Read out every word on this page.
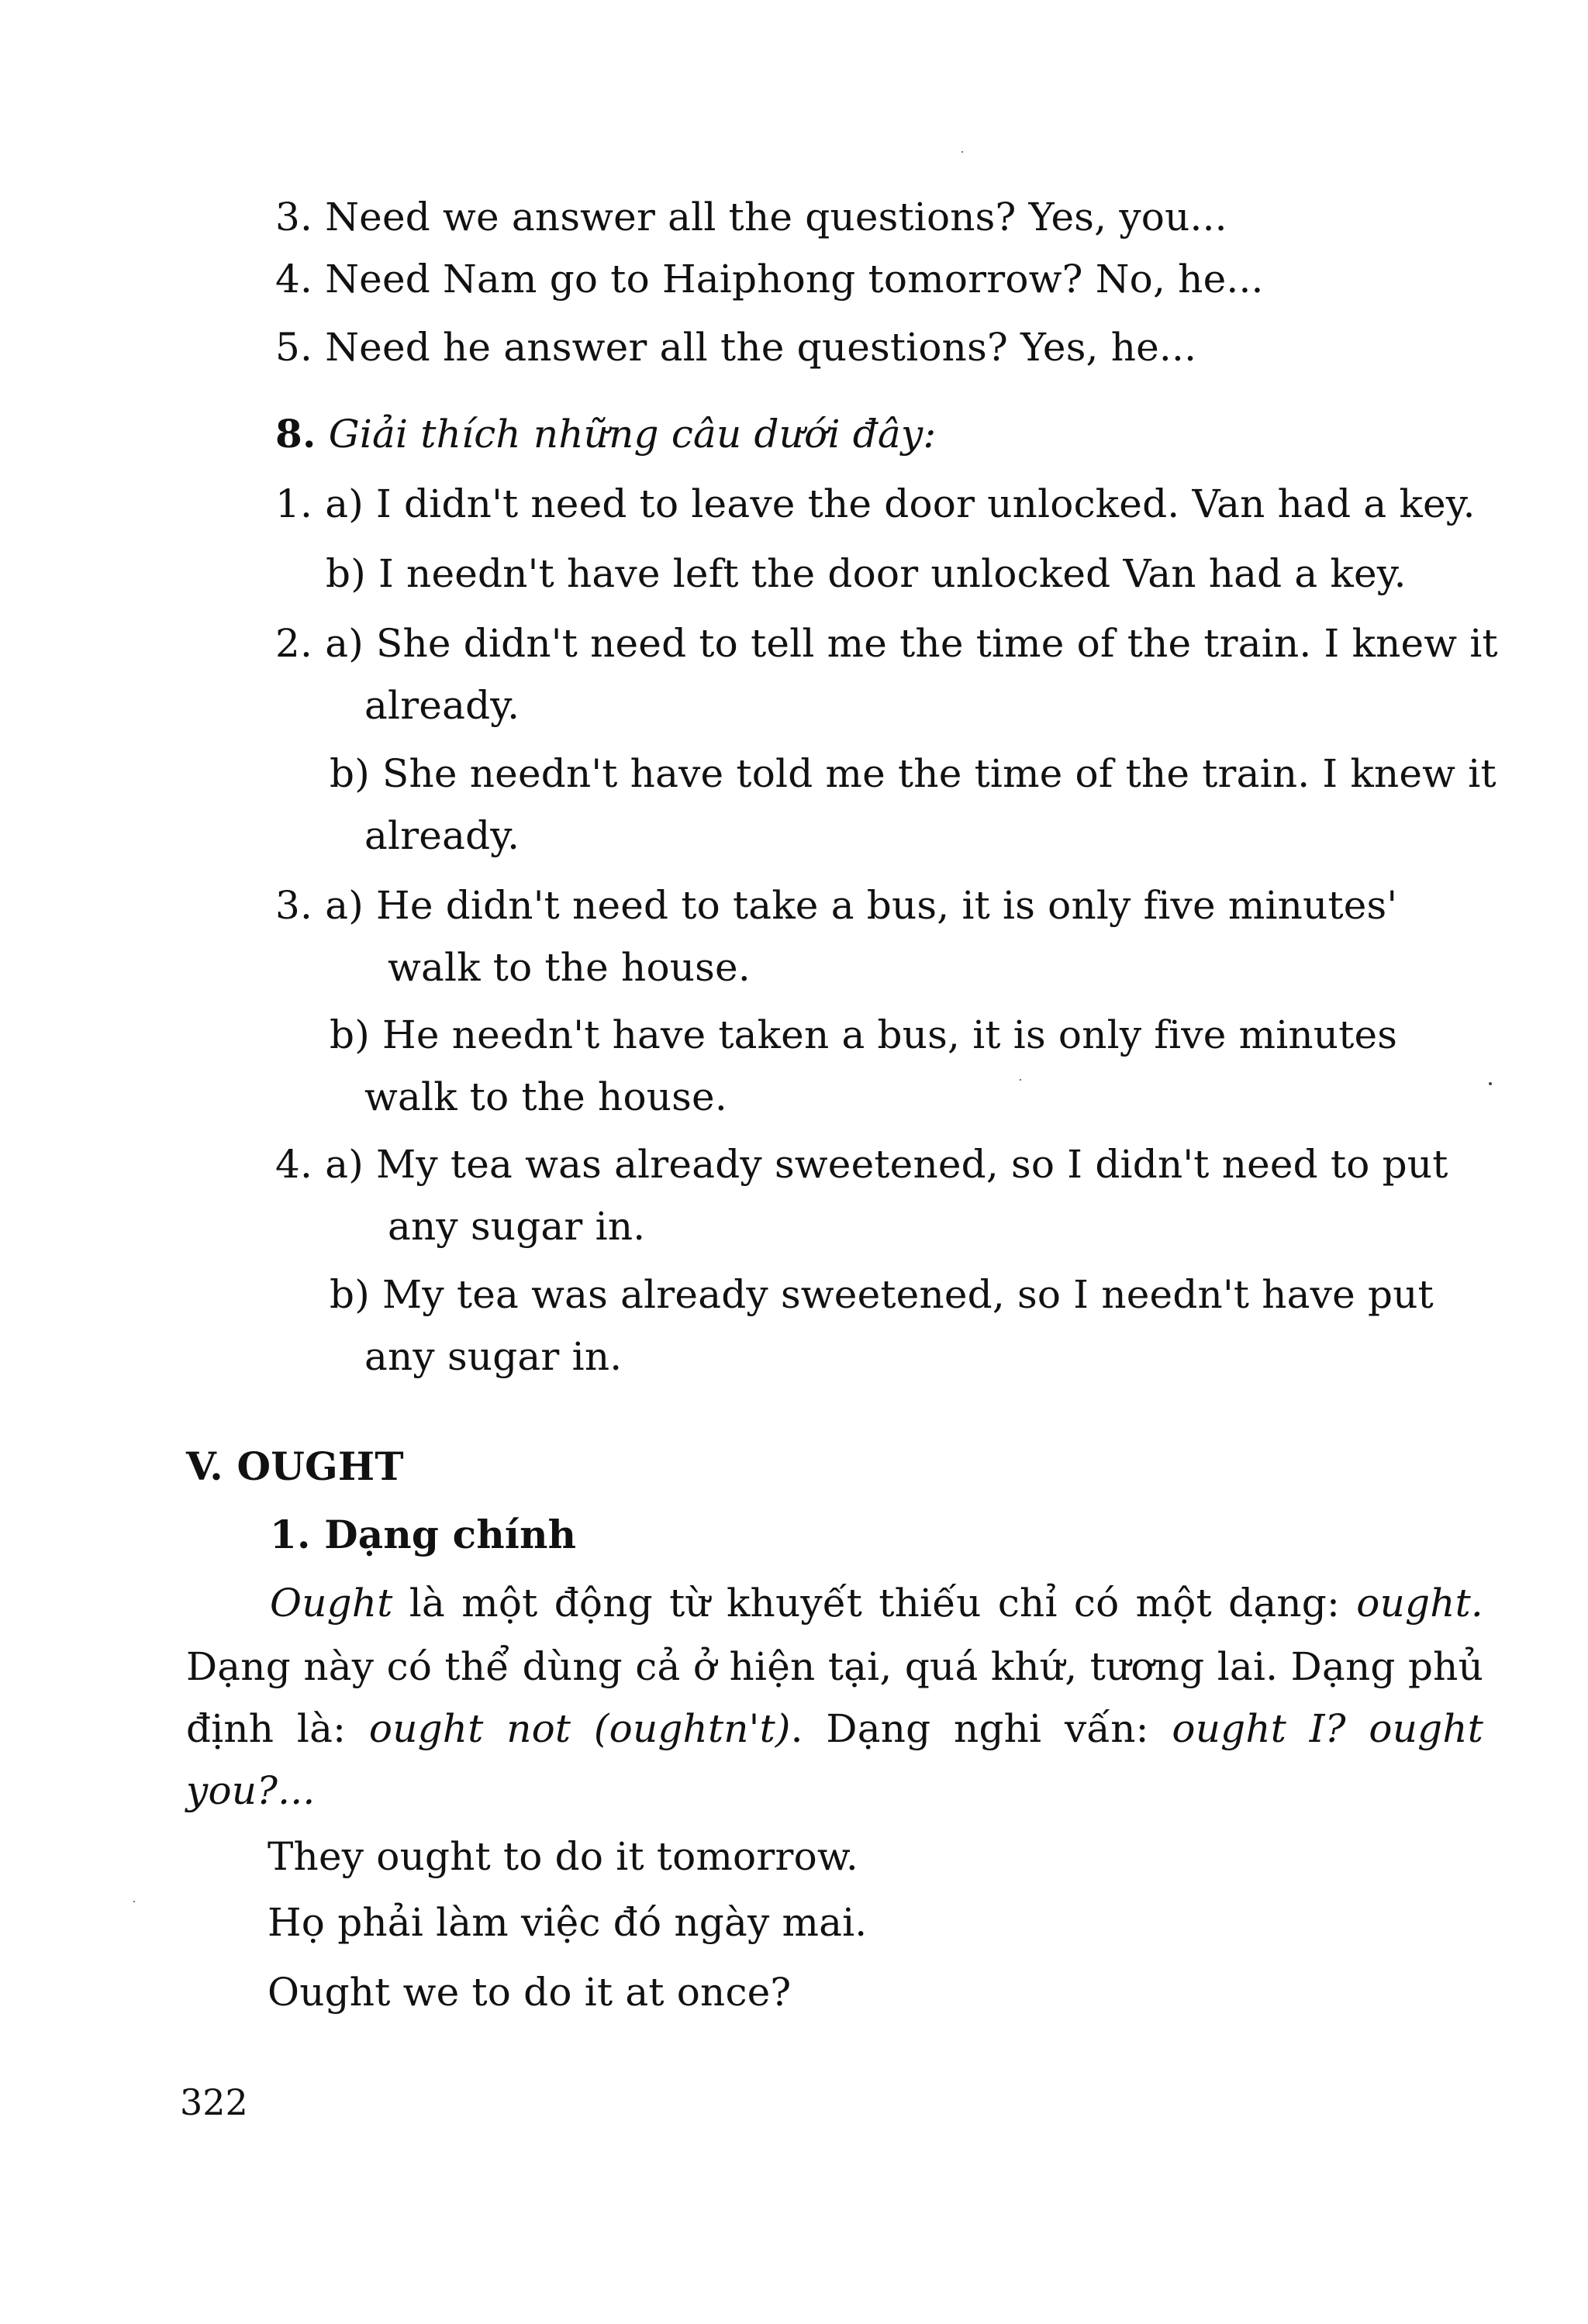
3. Need we answer all the questions? Yes, you...
4. Need Nam go to Haiphong tomorrow? No, he...
5. Need he answer all the questions? Yes, he...
8. Giải thích những câu dưới đây:
1. a) I didn't need to leave the door unlocked. Van had a key.
b) I needn't have left the door unlocked Van had a key.
2. a) She didn't need to tell me the time of the train. I knew it
already.
b) She needn't have told me the time of the train. I knew it
already.
3. a) He didn't need to take a bus, it is only five minutes'
walk to the house.
b) He needn't have taken a bus, it is only five minutes
walk to the house.
4. a) My tea was already sweetened, so I didn't need to put
any sugar in.
b) My tea was already sweetened, so I needn't have put
any sugar in.
V. OUGHT
1. Dạng chính
Ought là một động từ khuyết thiếu chỉ có một dạng: ought.
Dạng này có thể dùng cả ở hiện tại, quá khứ, tương lai. Dạng phủ
định là: ought not (oughtn't). Dạng nghi vấn: ought I? ought
you?...
They ought to do it tomorrow.
Họ phải làm việc đó ngày mai.
Ought we to do it at once?
322
